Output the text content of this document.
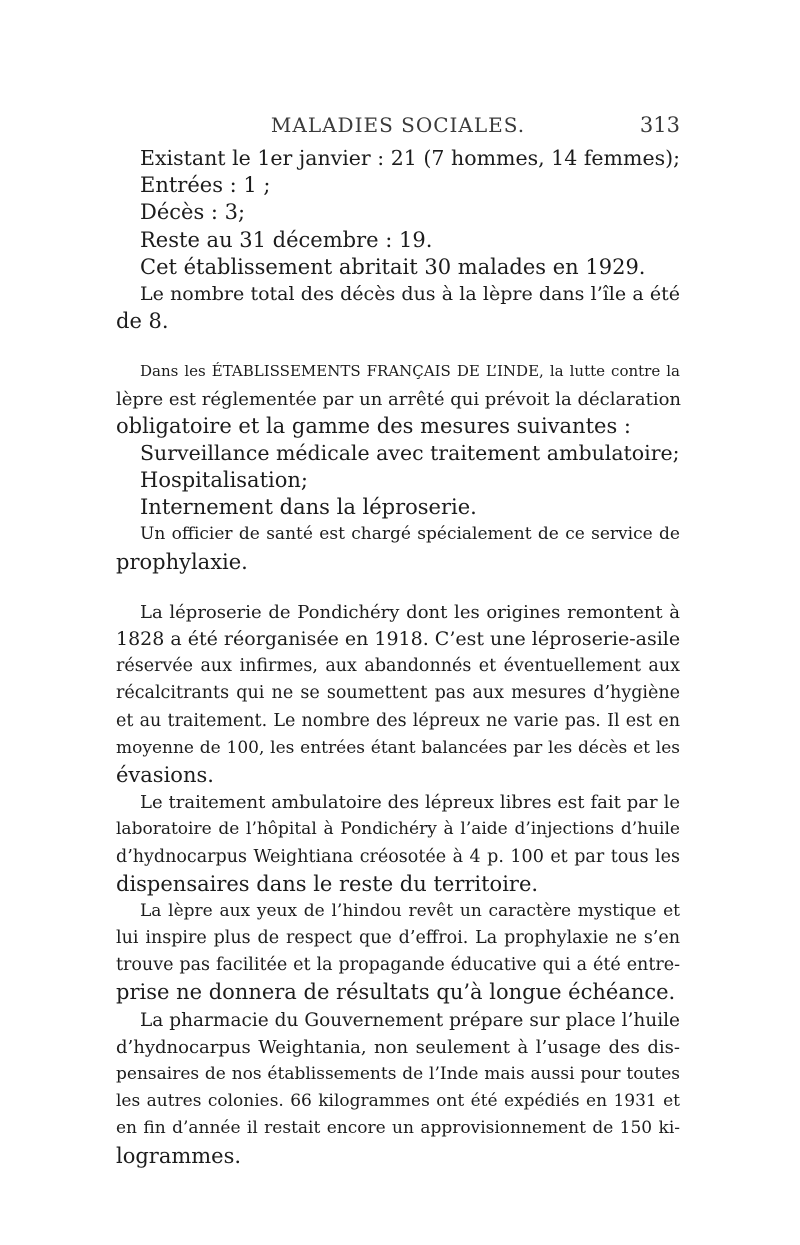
MALADIES SOCIALES.	313
Existant le 1er janvier : 21 (7 hommes, 14 femmes);
Entrées : 1 ;
Décès : 3;
Reste au 31 décembre : 19.
Cet établissement abritait 30 malades en 1929.
Le nombre total des décès dus à la lèpre dans l’île a été
de 8.
Dans les ÉTABLISSEMENTS FRANÇAIS DE L’INDE, la lutte contre la
lèpre est réglementée par un arrêté qui prévoit la déclaration
obligatoire et la gamme des mesures suivantes :
Surveillance médicale avec traitement ambulatoire;
Hospitalisation;
Internement dans la léproserie.
Un officier de santé est chargé spécialement de ce service de
prophylaxie.
La léproserie de Pondichéry dont les origines remontent à
1828 a été réorganisée en 1918. C’est une léproserie-asile
réservée aux infirmes, aux abandonnés et éventuellement aux
récalcitrants qui ne se soumettent pas aux mesures d’hygiène
et au traitement. Le nombre des lépreux ne varie pas. Il est en
moyenne de 100, les entrées étant balancées par les décès et les
évasions.
Le traitement ambulatoire des lépreux libres est fait par le
laboratoire de l’hôpital à Pondichéry à l’aide d’injections d’huile
d’hydnocarpus Weightiana créosotée à 4 p. 100 et par tous les
dispensaires dans le reste du territoire.
La lèpre aux yeux de l’hindou revêt un caractère mystique et
lui inspire plus de respect que d’effroi. La prophylaxie ne s’en
trouve pas facilitée et la propagande éducative qui a été entre-
prise ne donnera de résultats qu’à longue échéance.
La pharmacie du Gouvernement prépare sur place l’huile
d’hydnocarpus Weightania, non seulement à l’usage des dis-
pensaires de nos établissements de l’Inde mais aussi pour toutes
les autres colonies. 66 kilogrammes ont été expédiés en 1931 et
en fin d’année il restait encore un approvisionnement de 150 ki-
logrammes.
